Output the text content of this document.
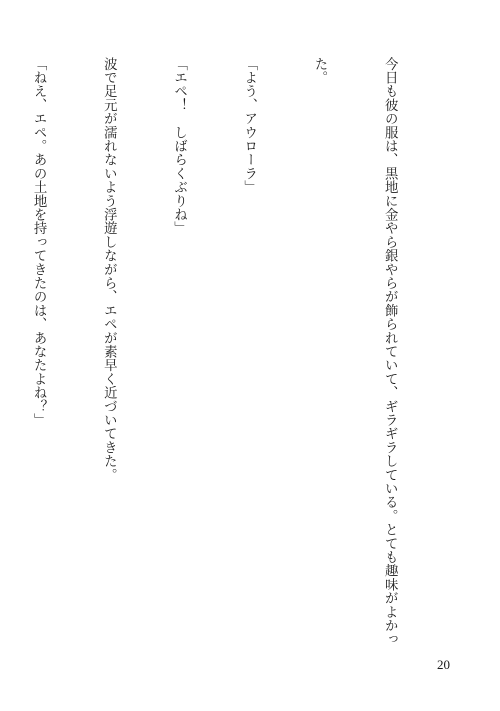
今日も彼の服は、黒地に金やら銀やらが飾られていて、ギラギラしている。とても趣味がよかっ

た。

「よう、アウローラ」

「エペ！　しばらくぶりね」

波で足元が濡れないよう浮遊しながら、エペが素早く近づいてきた。

「ねえ、エペ。あの土地を持ってきたのは、あなたよね？」

20
